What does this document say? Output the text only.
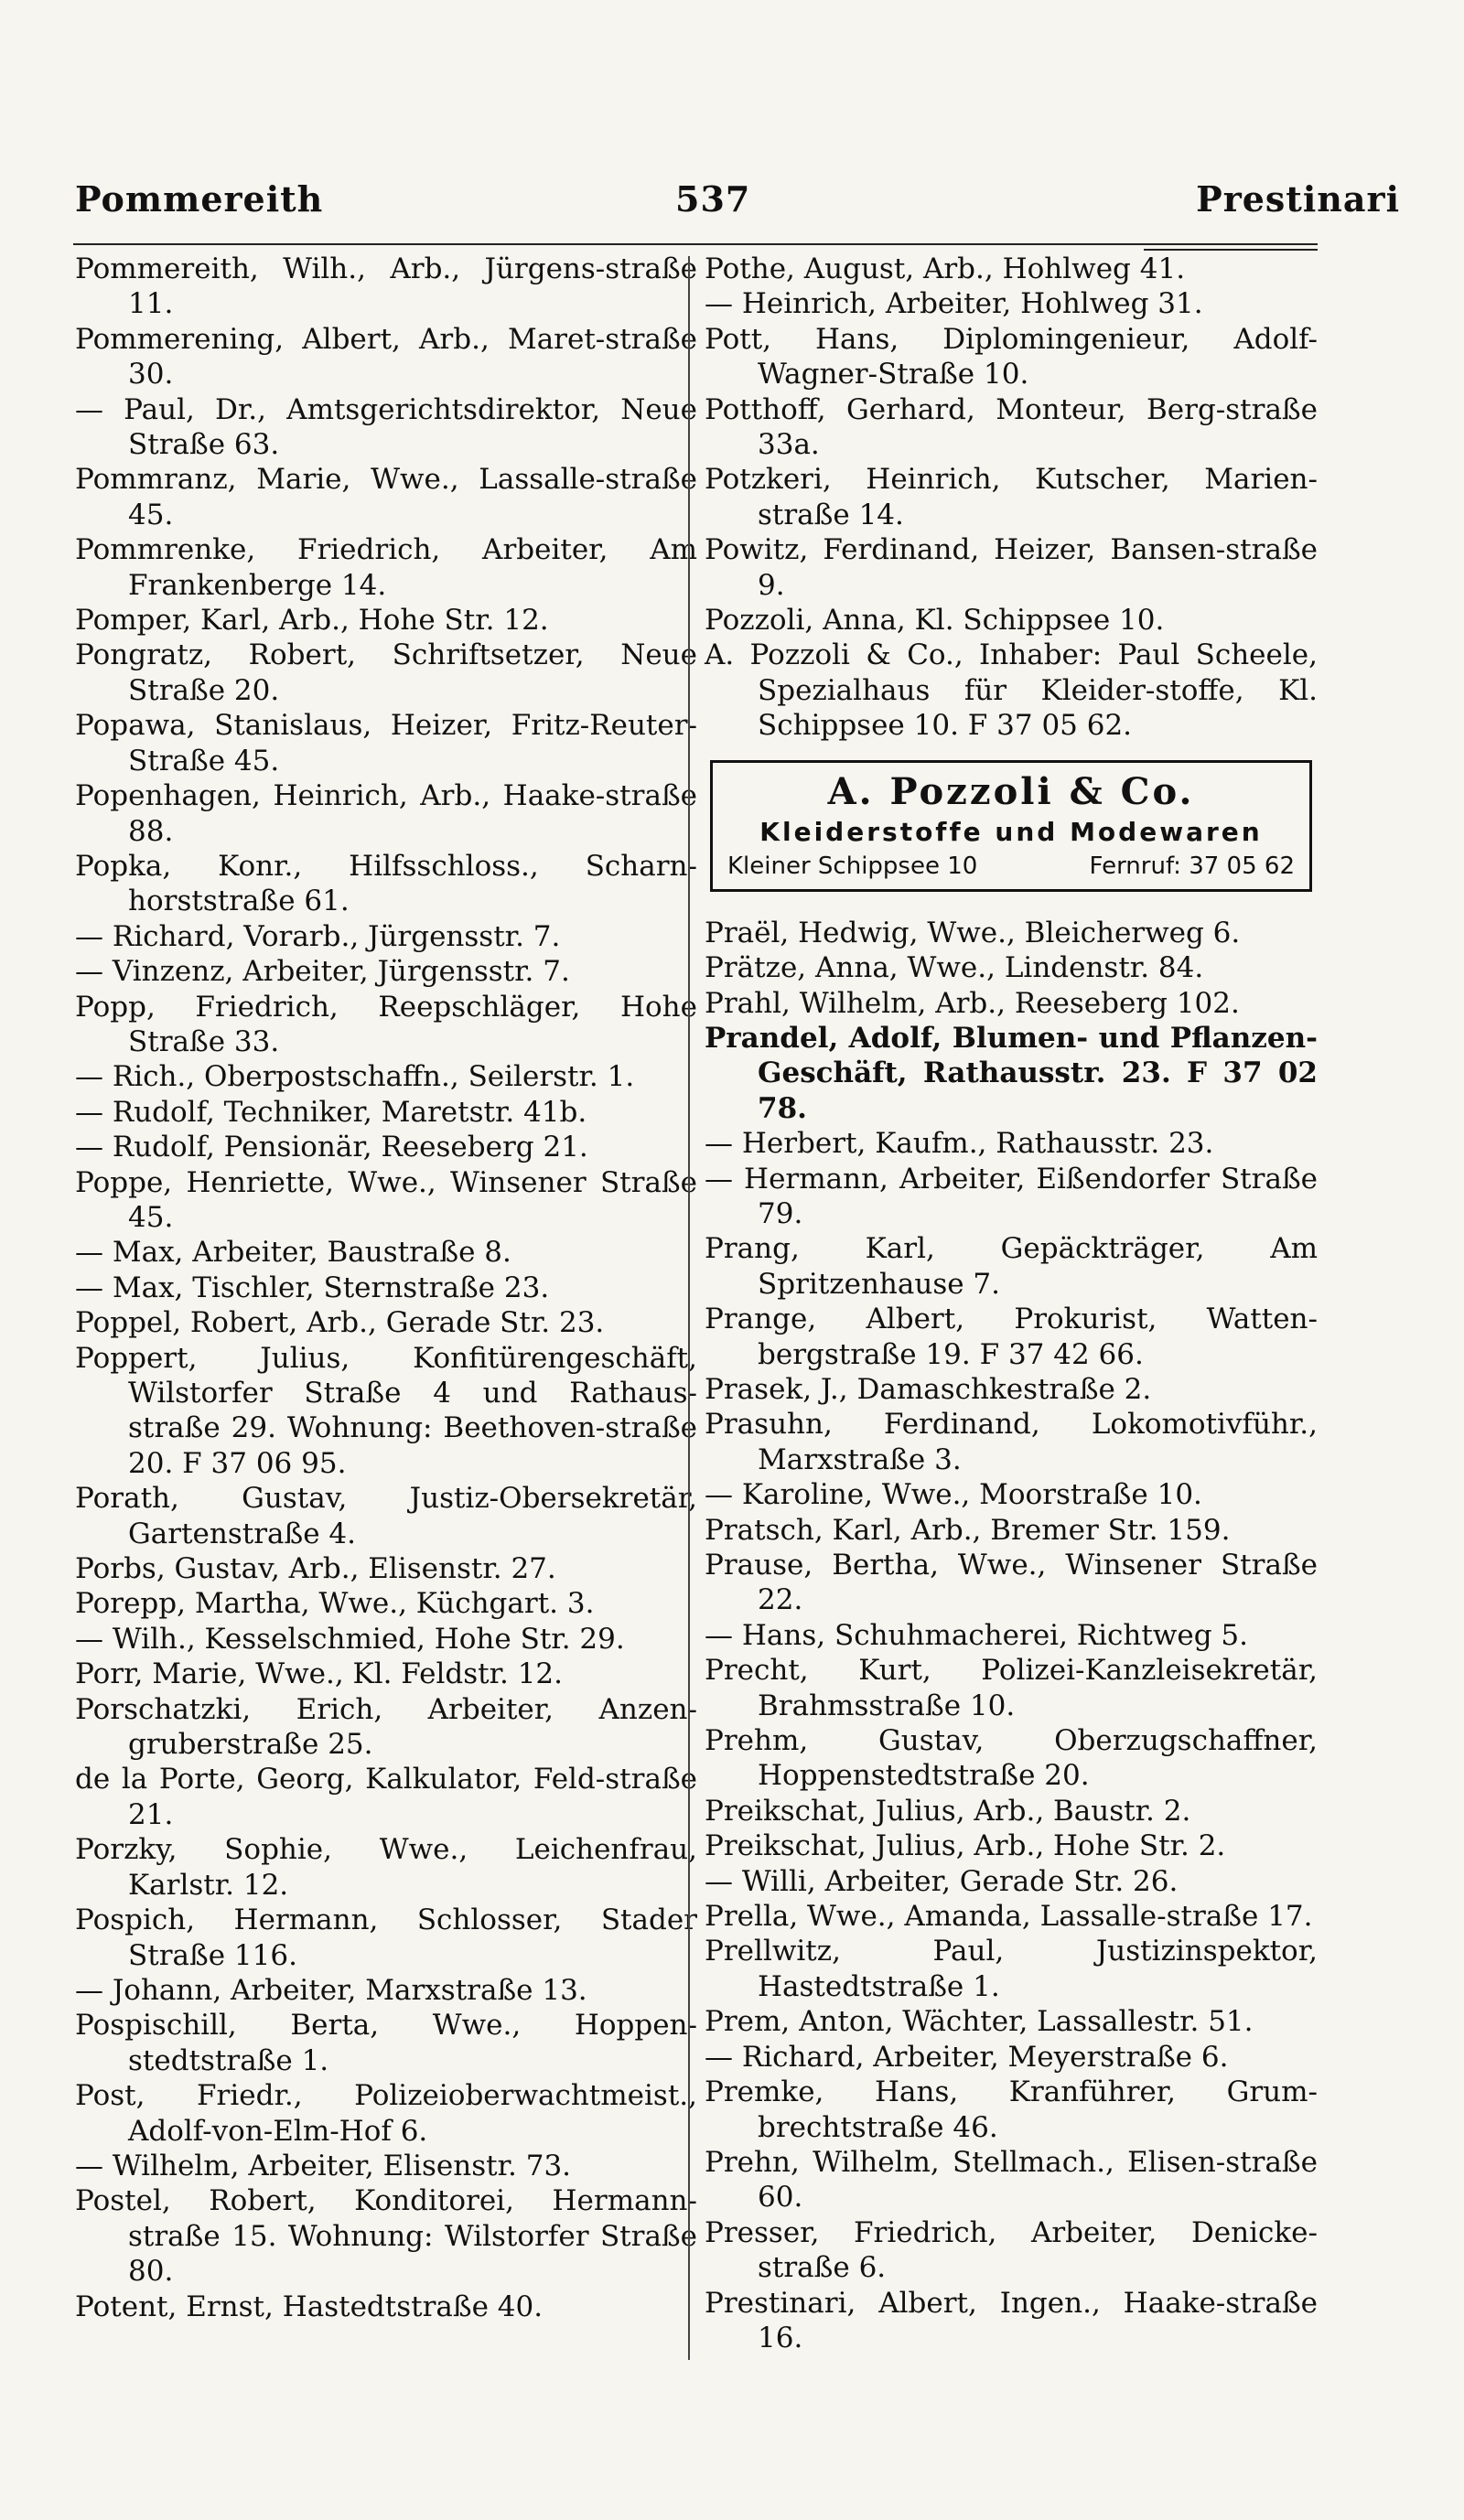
Pommereith	537	Prestinari
Pommereith, Wilh., Arb., Jürgens-straße 11.
Pommerening, Albert, Arb., Maret-straße 30.
— Paul, Dr., Amtsgerichtsdirektor, Neue Straße 63.
Pommranz, Marie, Wwe., Lassalle-straße 45.
Pommrenke, Friedrich, Arbeiter, Am Frankenberge 14.
Pomper, Karl, Arb., Hohe Str. 12.
Pongratz, Robert, Schriftsetzer, Neue Straße 20.
Popawa, Stanislaus, Heizer, Fritz-Reuter-Straße 45.
Popenhagen, Heinrich, Arb., Haake-straße 88.
Popka, Konr., Hilfsschloss., Scharn-horststraße 61.
— Richard, Vorarb., Jürgensstr. 7.
— Vinzenz, Arbeiter, Jürgensstr. 7.
Popp, Friedrich, Reepschläger, Hohe Straße 33.
— Rich., Oberpostschaffn., Seilerstr. 1.
— Rudolf, Techniker, Maretstr. 41b.
— Rudolf, Pensionär, Reeseberg 21.
Poppe, Henriette, Wwe., Winsener Straße 45.
— Max, Arbeiter, Baustraße 8.
— Max, Tischler, Sternstraße 23.
Poppel, Robert, Arb., Gerade Str. 23.
Poppert, Julius, Konfitürengeschäft, Wilstorfer Straße 4 und Rathaus-straße 29. Wohnung: Beethoven-straße 20. F 37 06 95.
Porath, Gustav, Justiz-Obersekretär, Gartenstraße 4.
Porbs, Gustav, Arb., Elisenstr. 27.
Porepp, Martha, Wwe., Küchgart. 3.
— Wilh., Kesselschmied, Hohe Str. 29.
Porr, Marie, Wwe., Kl. Feldstr. 12.
Porschatzki, Erich, Arbeiter, Anzen-gruberstraße 25.
de la Porte, Georg, Kalkulator, Feld-straße 21.
Porzky, Sophie, Wwe., Leichenfrau, Karlstr. 12.
Pospich, Hermann, Schlosser, Stader Straße 116.
— Johann, Arbeiter, Marxstraße 13.
Pospischill, Berta, Wwe., Hoppen-stedtstraße 1.
Post, Friedr., Polizeioberwachtmeist., Adolf-von-Elm-Hof 6.
— Wilhelm, Arbeiter, Elisenstr. 73.
Postel, Robert, Konditorei, Hermann-straße 15. Wohnung: Wilstorfer Straße 80.
Potent, Ernst, Hastedtstraße 40.
Pothe, August, Arb., Hohlweg 41.
— Heinrich, Arbeiter, Hohlweg 31.
Pott, Hans, Diplomingenieur, Adolf-Wagner-Straße 10.
Potthoff, Gerhard, Monteur, Berg-straße 33a.
Potzkeri, Heinrich, Kutscher, Marien-straße 14.
Powitz, Ferdinand, Heizer, Bansen-straße 9.
Pozzoli, Anna, Kl. Schippsee 10.
A. Pozzoli & Co., Inhaber: Paul Scheele, Spezialhaus für Kleider-stoffe, Kl. Schippsee 10. F 37 05 62.
A. Pozzoli & Co.
Kleiderstoffe und Modewaren
Kleiner Schippsee 10	Fernruf: 37 05 62
Praël, Hedwig, Wwe., Bleicherweg 6.
Prätze, Anna, Wwe., Lindenstr. 84.
Prahl, Wilhelm, Arb., Reeseberg 102.
Prandel, Adolf, Blumen- und Pflanzen-Geschäft, Rathausstr. 23. F 37 02 78.
— Herbert, Kaufm., Rathausstr. 23.
— Hermann, Arbeiter, Eißendorfer Straße 79.
Prang, Karl, Gepäckträger, Am Spritzenhause 7.
Prange, Albert, Prokurist, Watten-bergstraße 19. F 37 42 66.
Prasek, J., Damaschkestraße 2.
Prasuhn, Ferdinand, Lokomotivführ., Marxstraße 3.
— Karoline, Wwe., Moorstraße 10.
Pratsch, Karl, Arb., Bremer Str. 159.
Prause, Bertha, Wwe., Winsener Straße 22.
— Hans, Schuhmacherei, Richtweg 5.
Precht, Kurt, Polizei-Kanzleisekretär, Brahmsstraße 10.
Prehm, Gustav, Oberzugschaffner, Hoppenstedtstraße 20.
Preikschat, Julius, Arb., Baustr. 2.
Preikschat, Julius, Arb., Hohe Str. 2.
— Willi, Arbeiter, Gerade Str. 26.
Prella, Wwe., Amanda, Lassalle-straße 17.
Prellwitz, Paul, Justizinspektor, Hastedtstraße 1.
Prem, Anton, Wächter, Lassallestr. 51.
— Richard, Arbeiter, Meyerstraße 6.
Premke, Hans, Kranführer, Grum-brechtstraße 46.
Prehn, Wilhelm, Stellmach., Elisen-straße 60.
Presser, Friedrich, Arbeiter, Denicke-straße 6.
Prestinari, Albert, Ingen., Haake-straße 16.
